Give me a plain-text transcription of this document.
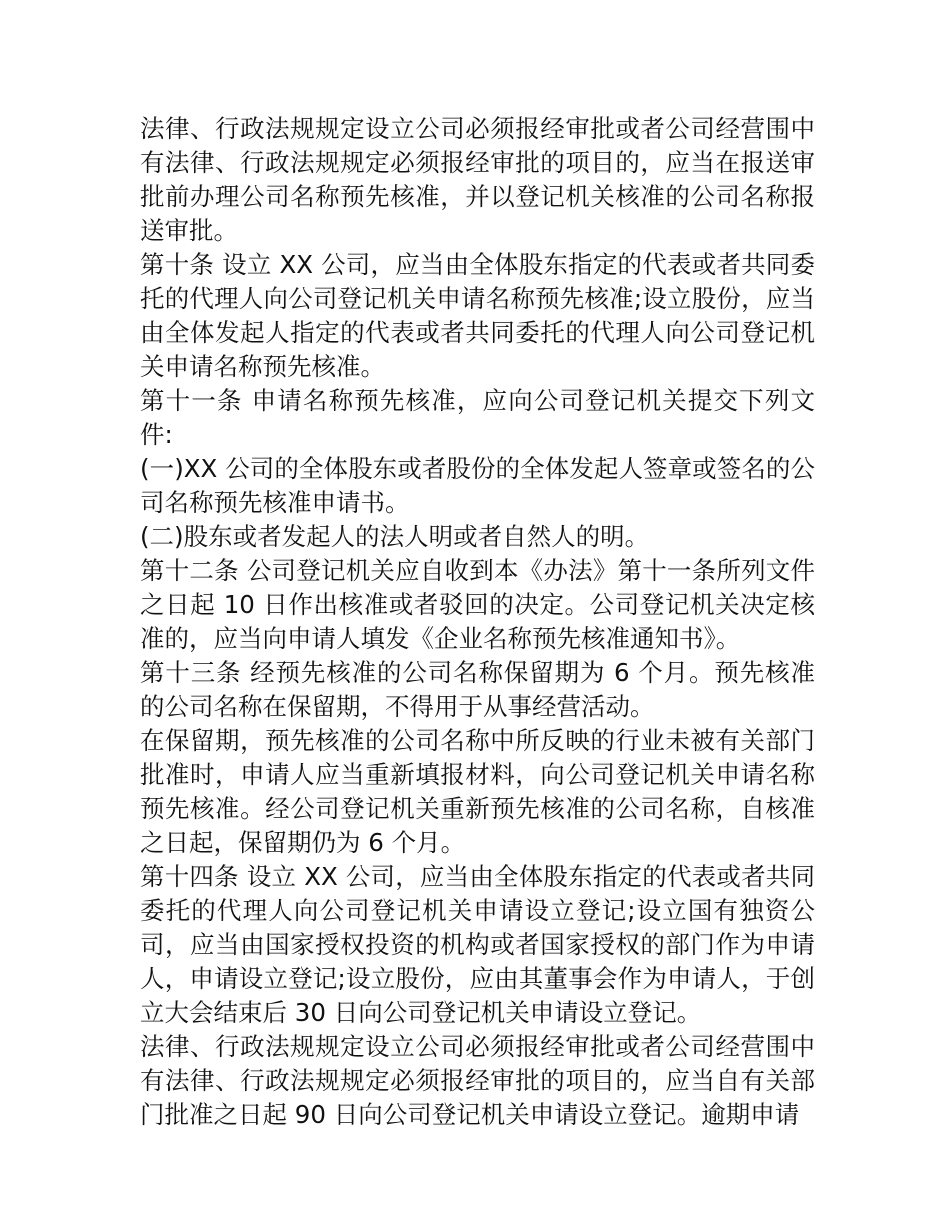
法律、行政法规规定设立公司必须报经审批或者公司经营围中有法律、行政法规规定必须报经审批的项目的，应当在报送审批前办理公司名称预先核准，并以登记机关核准的公司名称报送审批。

第十条 设立 XX 公司，应当由全体股东指定的代表或者共同委托的代理人向公司登记机关申请名称预先核准;设立股份，应当由全体发起人指定的代表或者共同委托的代理人向公司登记机关申请名称预先核准。

第十一条 申请名称预先核准，应向公司登记机关提交下列文件:

(一)XX 公司的全体股东或者股份的全体发起人签章或签名的公司名称预先核准申请书。

(二)股东或者发起人的法人明或者自然人的明。

第十二条 公司登记机关应自收到本《办法》第十一条所列文件之日起 10 日作出核准或者驳回的决定。公司登记机关决定核准的，应当向申请人填发《企业名称预先核准通知书》。

第十三条 经预先核准的公司名称保留期为 6 个月。预先核准的公司名称在保留期，不得用于从事经营活动。

在保留期，预先核准的公司名称中所反映的行业未被有关部门批准时，申请人应当重新填报材料，向公司登记机关申请名称预先核准。经公司登记机关重新预先核准的公司名称，自核准之日起，保留期仍为 6 个月。

第十四条 设立 XX 公司，应当由全体股东指定的代表或者共同委托的代理人向公司登记机关申请设立登记;设立国有独资公司，应当由国家授权投资的机构或者国家授权的部门作为申请人，申请设立登记;设立股份，应由其董事会作为申请人，于创立大会结束后 30 日向公司登记机关申请设立登记。

法律、行政法规规定设立公司必须报经审批或者公司经营围中有法律、行政法规规定必须报经审批的项目的，应当自有关部门批准之日起 90 日向公司登记机关申请设立登记。逾期申请
